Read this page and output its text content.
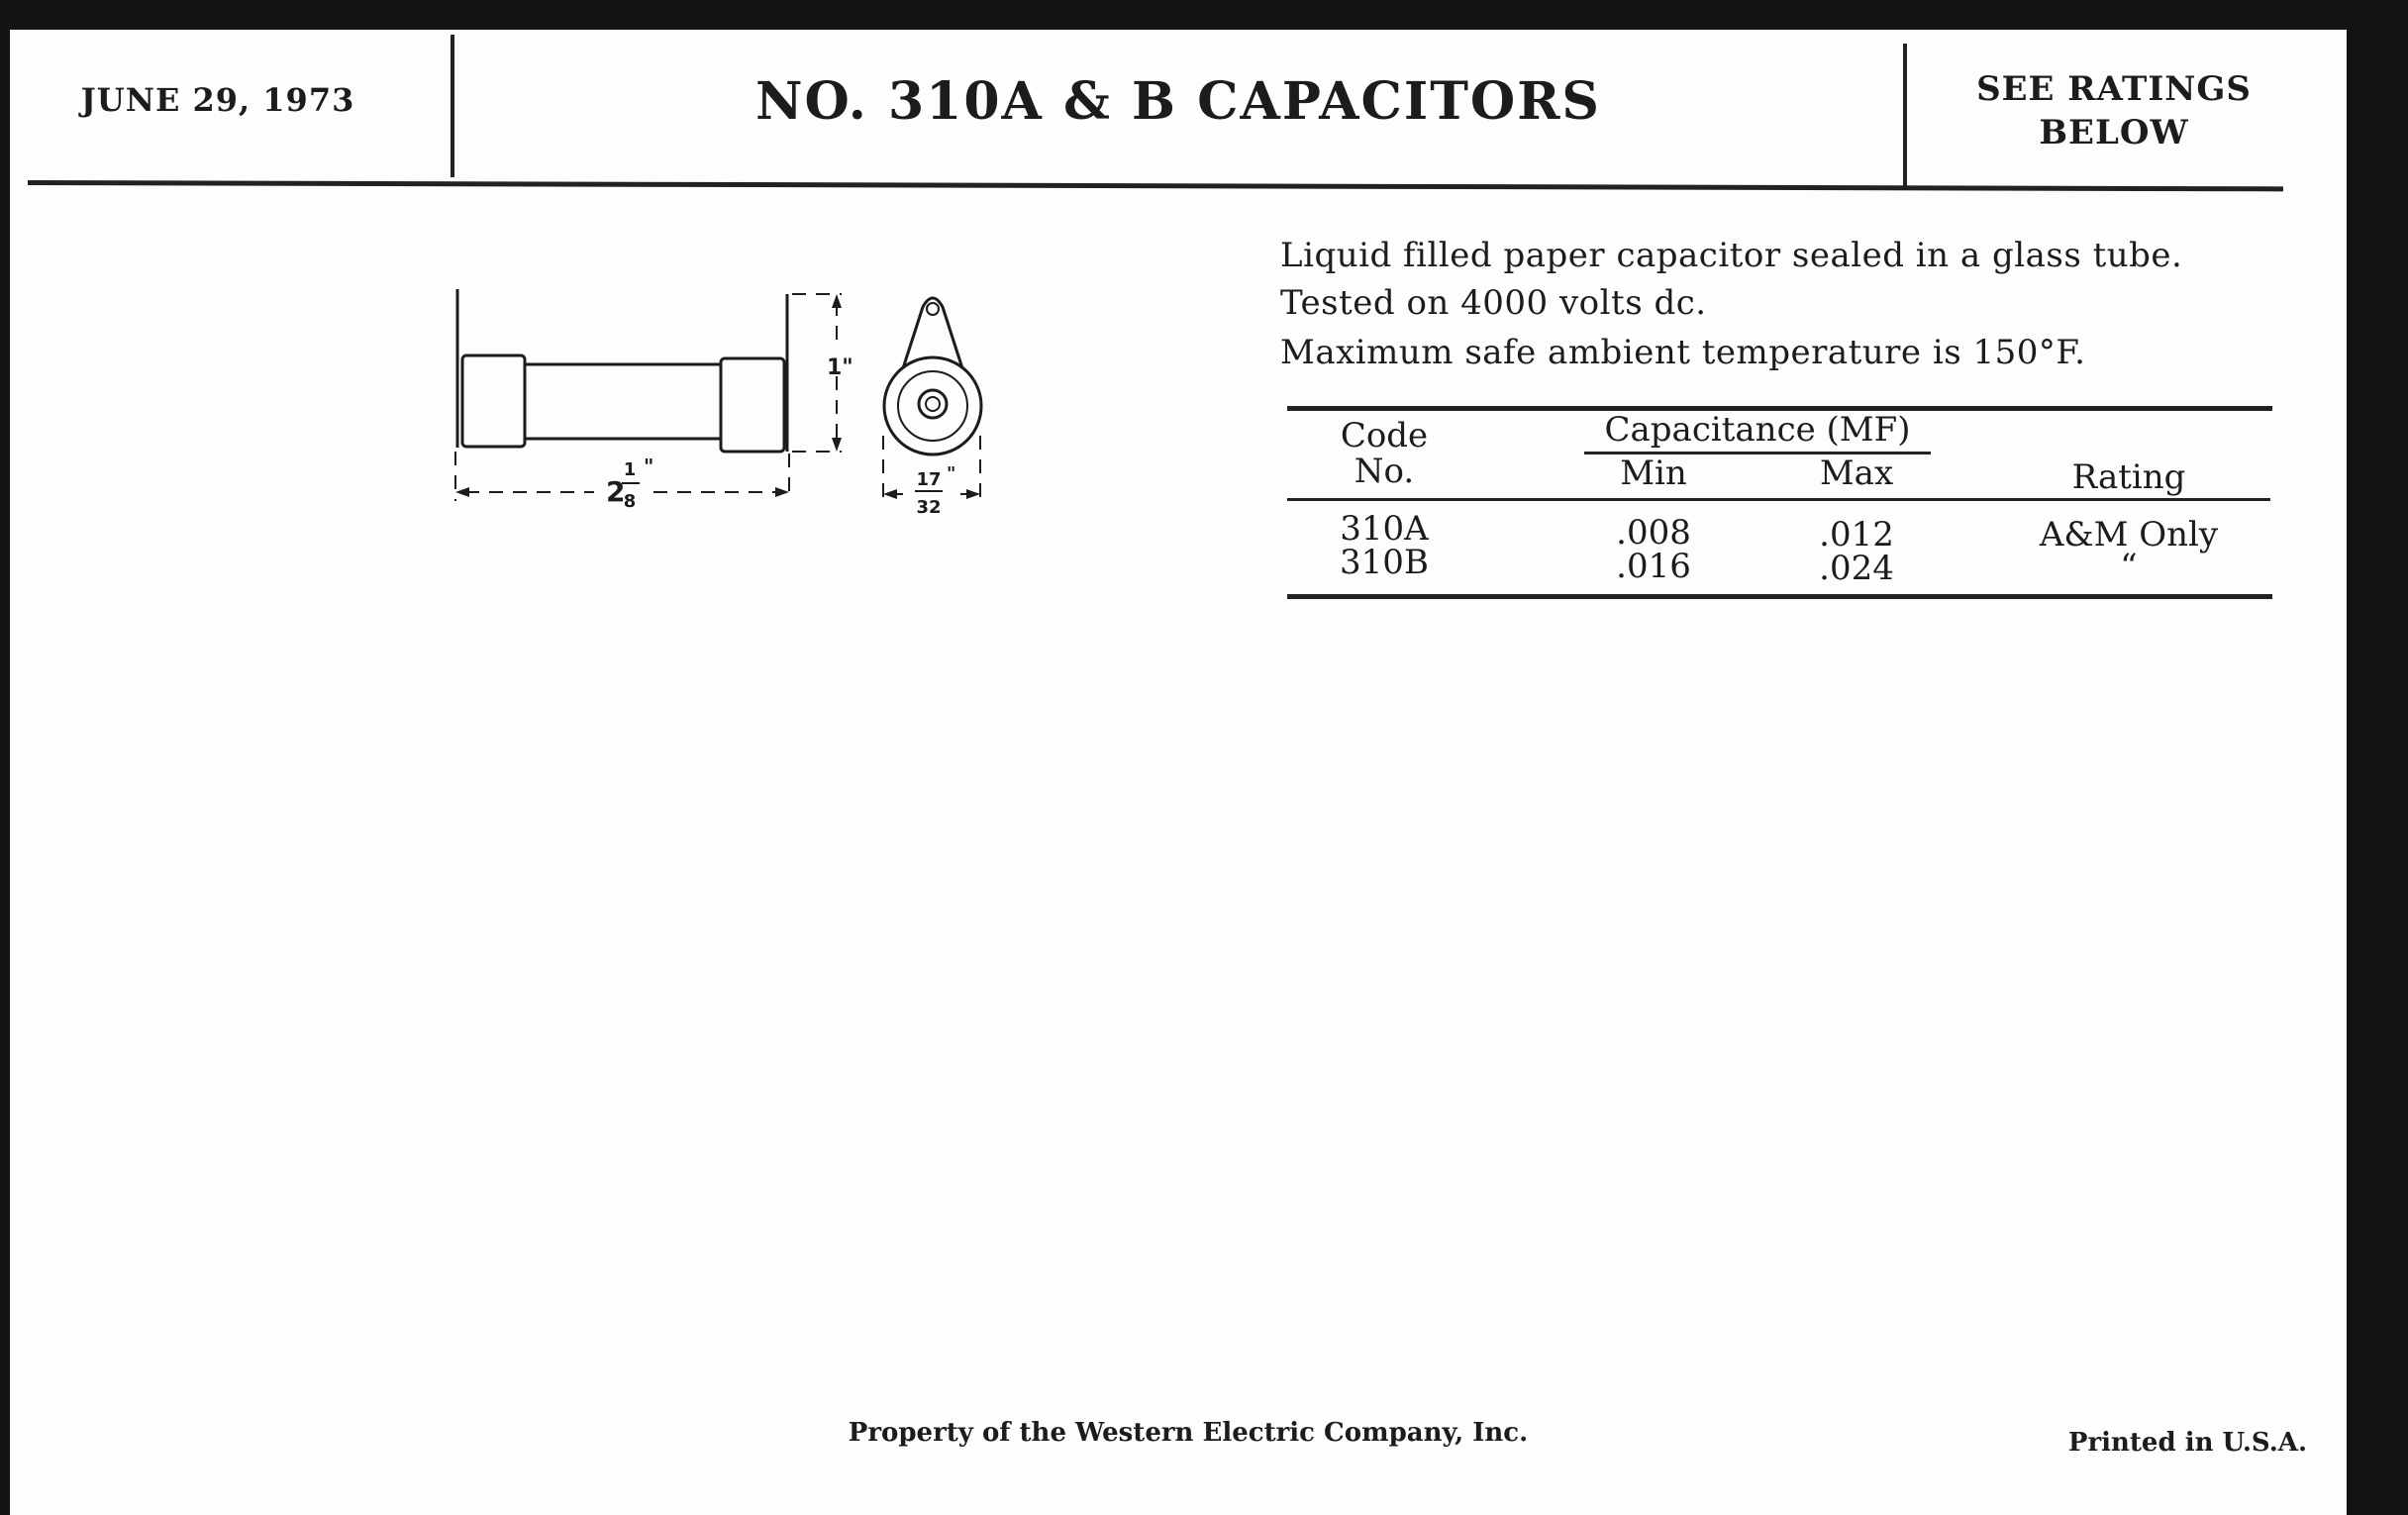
JUNE 29, 1973	NO. 310A & B CAPACITORS	SEE RATINGS
BELOW
2
1
8
"
1"
17
32
"
Liquid filled paper capacitor sealed in a glass tube.
Tested on 4000 volts dc.
Maximum safe ambient temperature is 150°F.
Code
No.
Capacitance (MF)
Min	Max	Rating
310A	.008	.012	A&M Only
310B	.016	.024	“
Property of the Western Electric Company, Inc.	Printed in U.S.A.
